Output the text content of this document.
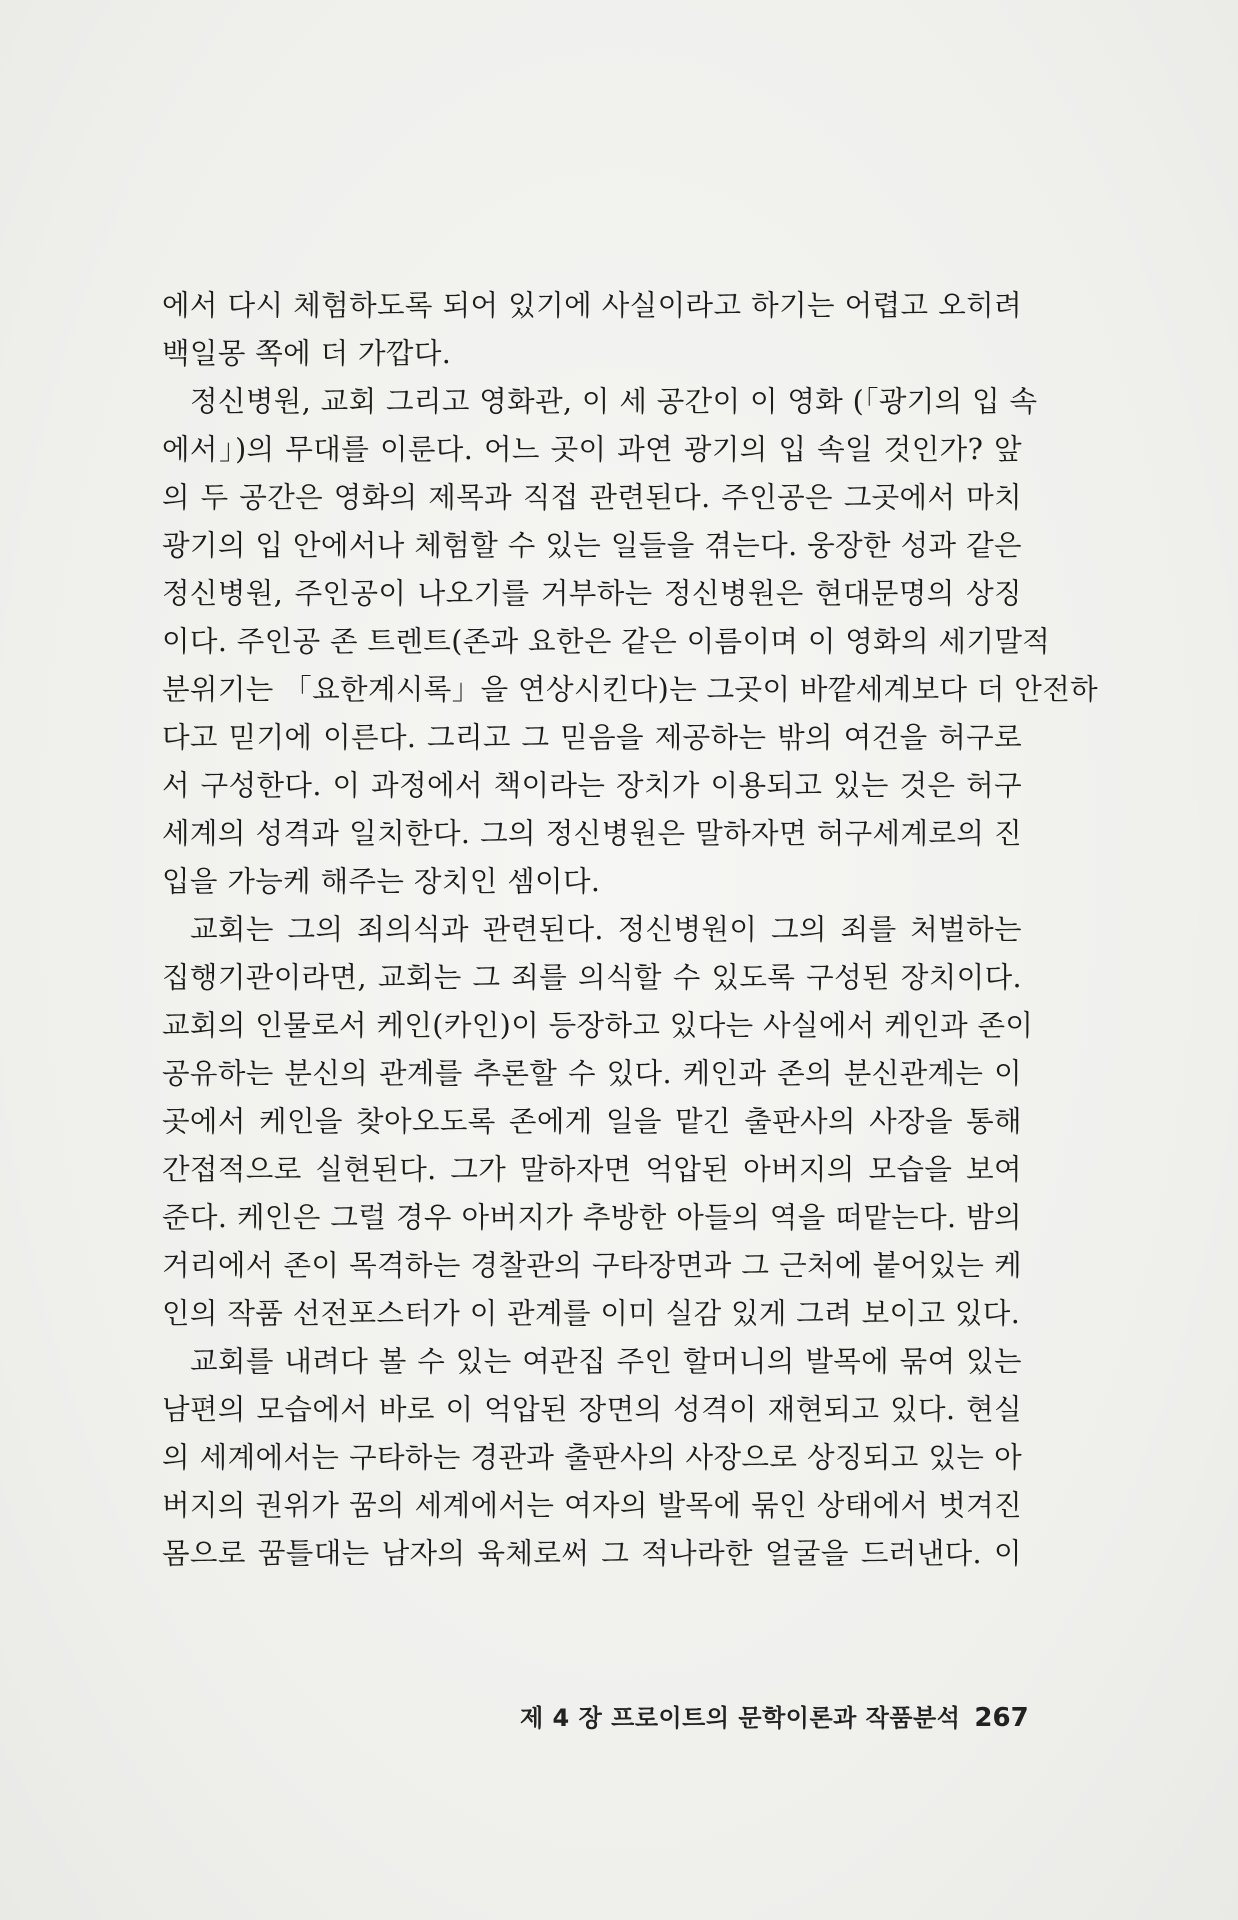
에서 다시 체험하도록 되어 있기에 사실이라고 하기는 어렵고 오히려
백일몽 쪽에 더 가깝다.
정신병원, 교회 그리고 영화관, 이 세 공간이 이 영화 (「광기의 입 속
에서」)의 무대를 이룬다. 어느 곳이 과연 광기의 입 속일 것인가? 앞
의 두 공간은 영화의 제목과 직접 관련된다. 주인공은 그곳에서 마치
광기의 입 안에서나 체험할 수 있는 일들을 겪는다. 웅장한 성과 같은
정신병원, 주인공이 나오기를 거부하는 정신병원은 현대문명의 상징
이다. 주인공 존 트렌트(존과 요한은 같은 이름이며 이 영화의 세기말적
분위기는 「요한계시록」을 연상시킨다)는 그곳이 바깥세계보다 더 안전하
다고 믿기에 이른다. 그리고 그 믿음을 제공하는 밖의 여건을 허구로
서 구성한다. 이 과정에서 책이라는 장치가 이용되고 있는 것은 허구
세계의 성격과 일치한다. 그의 정신병원은 말하자면 허구세계로의 진
입을 가능케 해주는 장치인 셈이다.
교회는 그의 죄의식과 관련된다. 정신병원이 그의 죄를 처벌하는
집행기관이라면, 교회는 그 죄를 의식할 수 있도록 구성된 장치이다.
교회의 인물로서 케인(카인)이 등장하고 있다는 사실에서 케인과 존이
공유하는 분신의 관계를 추론할 수 있다. 케인과 존의 분신관계는 이
곳에서 케인을 찾아오도록 존에게 일을 맡긴 출판사의 사장을 통해
간접적으로 실현된다. 그가 말하자면 억압된 아버지의 모습을 보여
준다. 케인은 그럴 경우 아버지가 추방한 아들의 역을 떠맡는다. 밤의
거리에서 존이 목격하는 경찰관의 구타장면과 그 근처에 붙어있는 케
인의 작품 선전포스터가 이 관계를 이미 실감 있게 그려 보이고 있다.
교회를 내려다 볼 수 있는 여관집 주인 할머니의 발목에 묶여 있는
남편의 모습에서 바로 이 억압된 장면의 성격이 재현되고 있다. 현실
의 세계에서는 구타하는 경관과 출판사의 사장으로 상징되고 있는 아
버지의 권위가 꿈의 세계에서는 여자의 발목에 묶인 상태에서 벗겨진
몸으로 꿈틀대는 남자의 육체로써 그 적나라한 얼굴을 드러낸다. 이
제 4 장 프로이트의 문학이론과 작품분석 267
